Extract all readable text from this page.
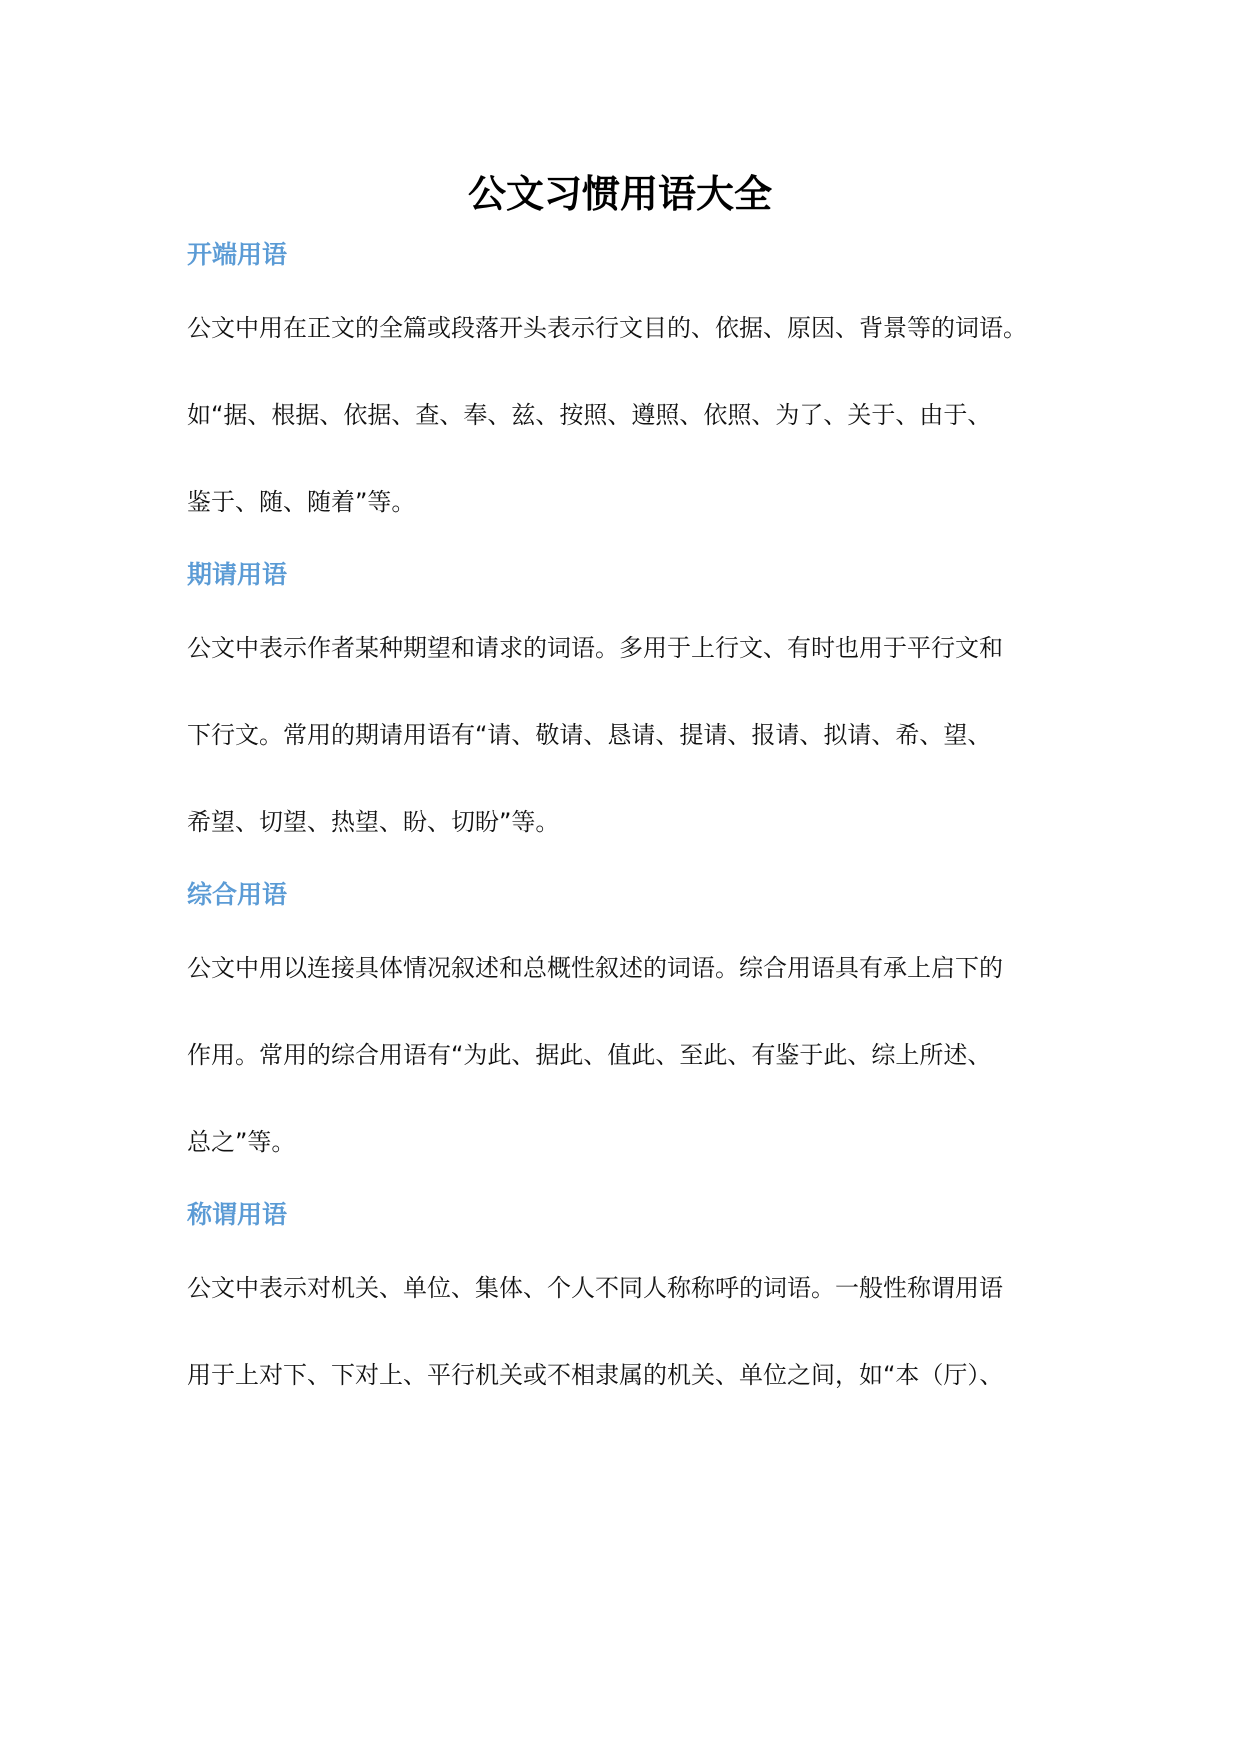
公文习惯用语大全
开端用语

公文中用在正文的全篇或段落开头表示行文目的、依据、原因、背景等的词语。

如“据、根据、依据、查、奉、兹、按照、遵照、依照、为了、关于、由于、

鉴于、随、随着”等。

期请用语

公文中表示作者某种期望和请求的词语。多用于上行文、有时也用于平行文和

下行文。常用的期请用语有“请、敬请、恳请、提请、报请、拟请、希、望、

希望、切望、热望、盼、切盼”等。

综合用语

公文中用以连接具体情况叙述和总概性叙述的词语。综合用语具有承上启下的

作用。常用的综合用语有“为此、据此、值此、至此、有鉴于此、综上所述、

总之”等。

称谓用语

公文中表示对机关、单位、集体、个人不同人称称呼的词语。一般性称谓用语

用于上对下、下对上、平行机关或不相隶属的机关、单位之间，如“本（厅）、
